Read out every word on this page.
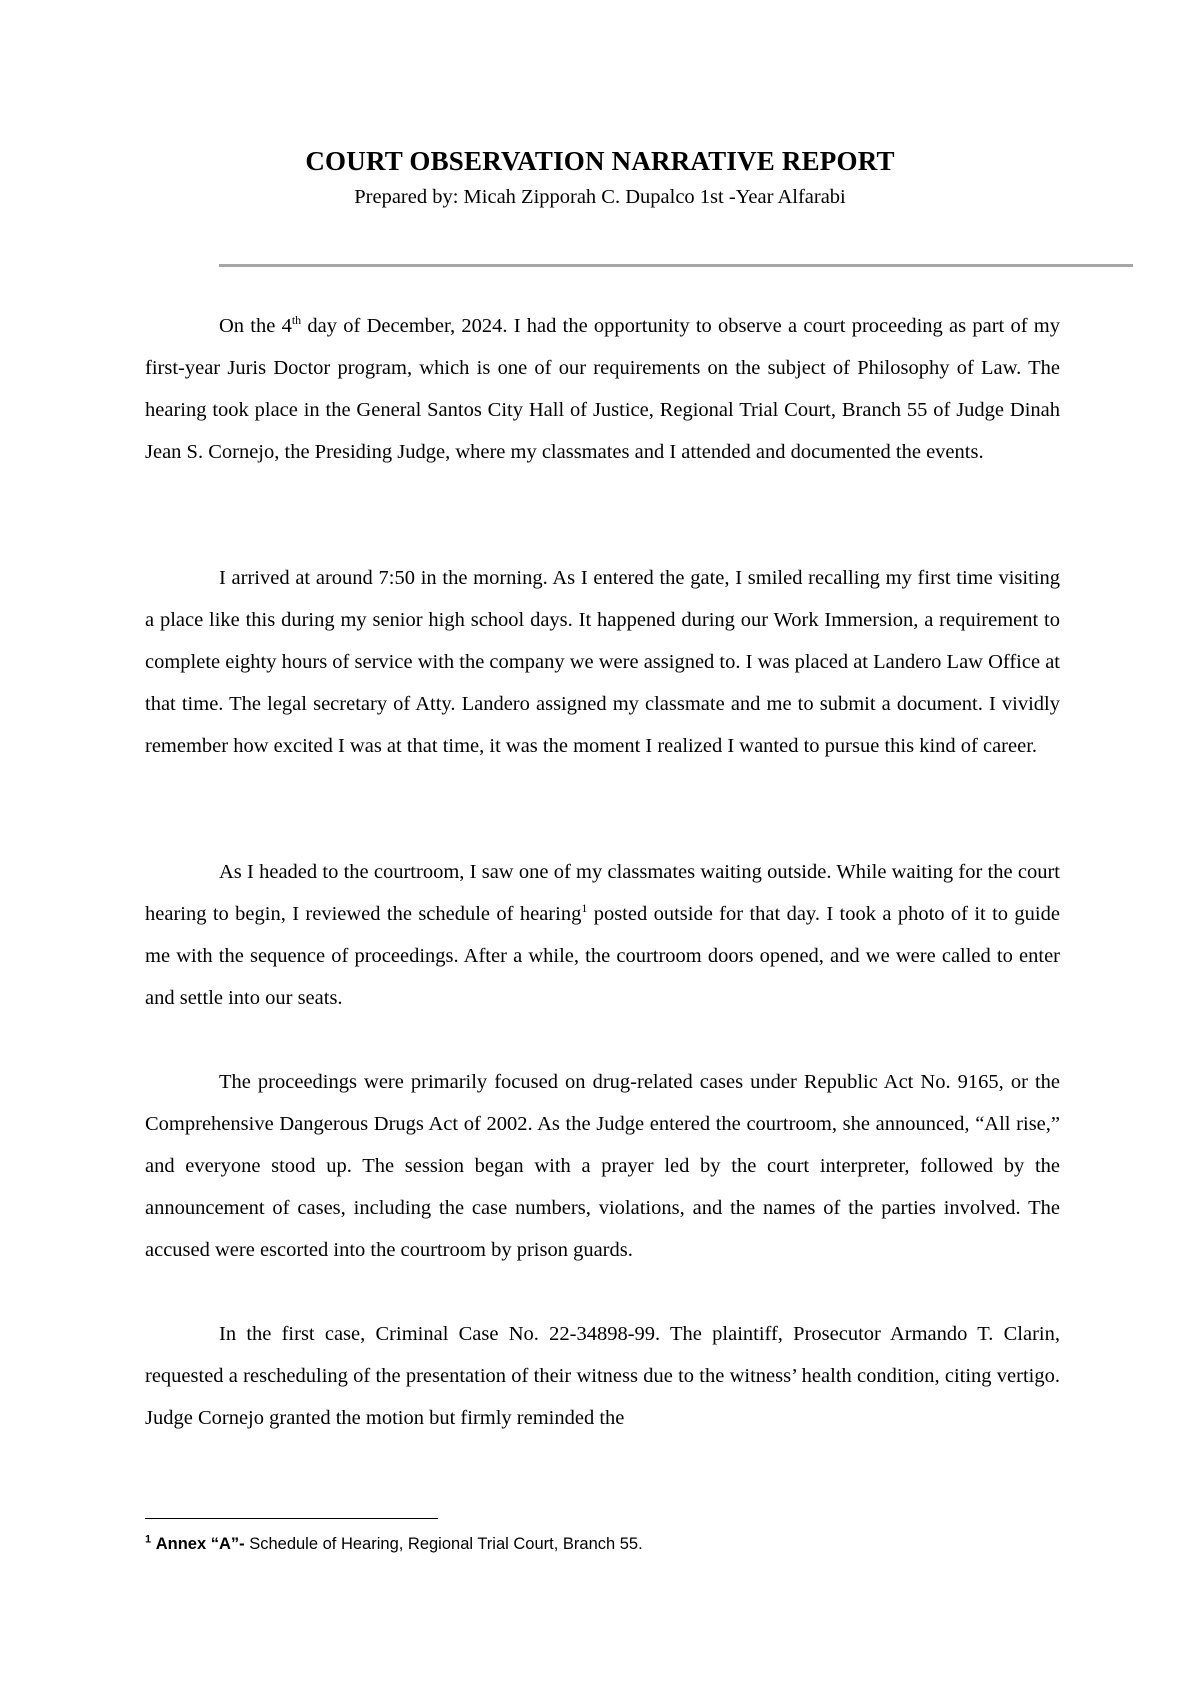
COURT OBSERVATION NARRATIVE REPORT
Prepared by: Micah Zipporah C. Dupalco 1st -Year Alfarabi

On the 4th day of December, 2024. I had the opportunity to observe a court proceeding as part of my first-year Juris Doctor program, which is one of our requirements on the subject of Philosophy of Law. The hearing took place in the General Santos City Hall of Justice, Regional Trial Court, Branch 55 of Judge Dinah Jean S. Cornejo, the Presiding Judge, where my classmates and I attended and documented the events.

I arrived at around 7:50 in the morning. As I entered the gate, I smiled recalling my first time visiting a place like this during my senior high school days. It happened during our Work Immersion, a requirement to complete eighty hours of service with the company we were assigned to. I was placed at Landero Law Office at that time. The legal secretary of Atty. Landero assigned my classmate and me to submit a document. I vividly remember how excited I was at that time, it was the moment I realized I wanted to pursue this kind of career.

As I headed to the courtroom, I saw one of my classmates waiting outside. While waiting for the court hearing to begin, I reviewed the schedule of hearing$^1$ posted outside for that day. I took a photo of it to guide me with the sequence of proceedings. After a while, the courtroom doors opened, and we were called to enter and settle into our seats.

The proceedings were primarily focused on drug-related cases under Republic Act No. 9165, or the Comprehensive Dangerous Drugs Act of 2002. As the Judge entered the courtroom, she announced, “All rise,” and everyone stood up. The session began with a prayer led by the court interpreter, followed by the announcement of cases, including the case numbers, violations, and the names of the parties involved. The accused were escorted into the courtroom by prison guards.

In the first case, Criminal Case No. 22-34898-99. The plaintiff, Prosecutor Armando T. Clarin, requested a rescheduling of the presentation of their witness due to the witness’ health condition, citing vertigo. Judge Cornejo granted the motion but firmly reminded the

$^1$ Annex “A”- Schedule of Hearing, Regional Trial Court, Branch 55.
